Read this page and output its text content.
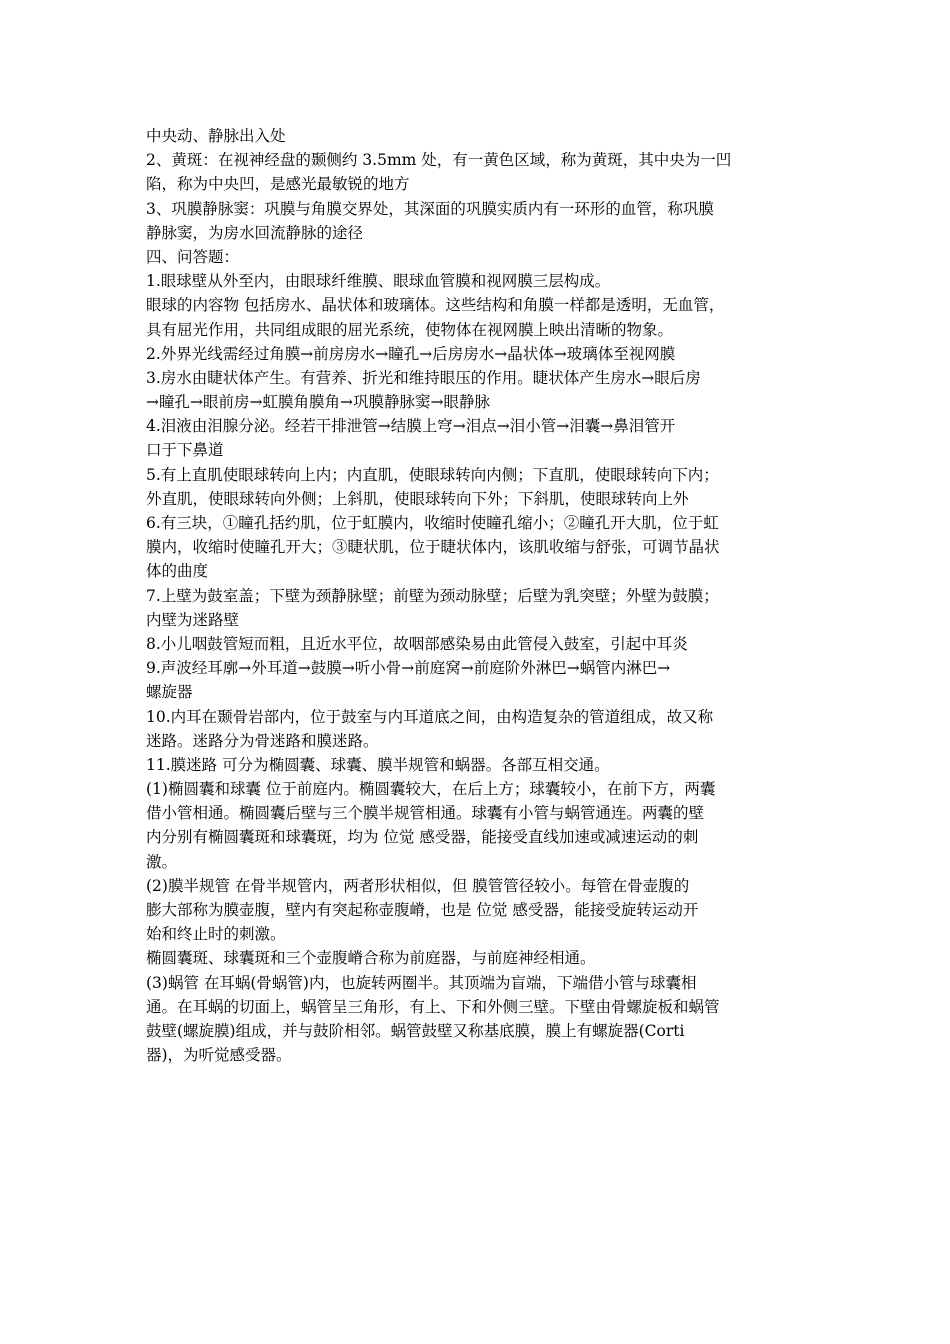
中央动、静脉出入处
2、黄斑：在视神经盘的颞侧约 3.5mm 处，有一黄色区域，称为黄斑，其中央为一凹
陷，称为中央凹，是感光最敏锐的地方
3、巩膜静脉窦：巩膜与角膜交界处，其深面的巩膜实质内有一环形的血管，称巩膜
静脉窦，为房水回流静脉的途径
四、问答题：
1.眼球壁从外至内，由眼球纤维膜、眼球血管膜和视网膜三层构成。
眼球的内容物 包括房水、晶状体和玻璃体。这些结构和角膜一样都是透明，无血管，
具有屈光作用，共同组成眼的屈光系统，使物体在视网膜上映出清晰的物象。
2.外界光线需经过角膜→前房房水→瞳孔→后房房水→晶状体→玻璃体至视网膜
3.房水由睫状体产生。有营养、折光和维持眼压的作用。睫状体产生房水→眼后房
→瞳孔→眼前房→虹膜角膜角→巩膜静脉窦→眼静脉
4.泪液由泪腺分泌。经若干排泄管→结膜上穹→泪点→泪小管→泪囊→鼻泪管开
口于下鼻道
5.有上直肌使眼球转向上内；内直肌，使眼球转向内侧；下直肌，使眼球转向下内；
外直肌，使眼球转向外侧；上斜肌，使眼球转向下外；下斜肌，使眼球转向上外
6.有三块，①瞳孔括约肌，位于虹膜内，收缩时使瞳孔缩小；②瞳孔开大肌，位于虹
膜内，收缩时使瞳孔开大；③睫状肌，位于睫状体内，该肌收缩与舒张，可调节晶状
体的曲度
7.上壁为鼓室盖；下壁为颈静脉壁；前壁为颈动脉壁；后壁为乳突壁；外壁为鼓膜；
内壁为迷路壁
8.小儿咽鼓管短而粗，且近水平位，故咽部感染易由此管侵入鼓室，引起中耳炎
9.声波经耳廓→外耳道→鼓膜→听小骨→前庭窝→前庭阶外淋巴→蜗管内淋巴→
螺旋器
10.内耳在颞骨岩部内，位于鼓室与内耳道底之间，由构造复杂的管道组成，故又称
迷路。迷路分为骨迷路和膜迷路。
11.膜迷路 可分为椭圆囊、球囊、膜半规管和蜗器。各部互相交通。
(1)椭圆囊和球囊 位于前庭内。椭圆囊较大，在后上方；球囊较小，在前下方，两囊
借小管相通。椭圆囊后壁与三个膜半规管相通。球囊有小管与蜗管通连。两囊的壁
内分别有椭圆囊斑和球囊斑，均为 位觉 感受器，能接受直线加速或减速运动的刺
激。
(2)膜半规管 在骨半规管内，两者形状相似，但 膜管管径较小。每管在骨壶腹的
膨大部称为膜壶腹，壁内有突起称壶腹嵴，也是 位觉 感受器，能接受旋转运动开
始和终止时的刺激。
椭圆囊斑、球囊斑和三个壶腹嵴合称为前庭器，与前庭神经相通。
(3)蜗管 在耳蜗(骨蜗管)内，也旋转两圈半。其顶端为盲端，下端借小管与球囊相
通。在耳蜗的切面上，蜗管呈三角形，有上、下和外侧三壁。下壁由骨螺旋板和蜗管
鼓壁(螺旋膜)组成，并与鼓阶相邻。蜗管鼓壁又称基底膜，膜上有螺旋器(Corti
器)，为听觉感受器。
